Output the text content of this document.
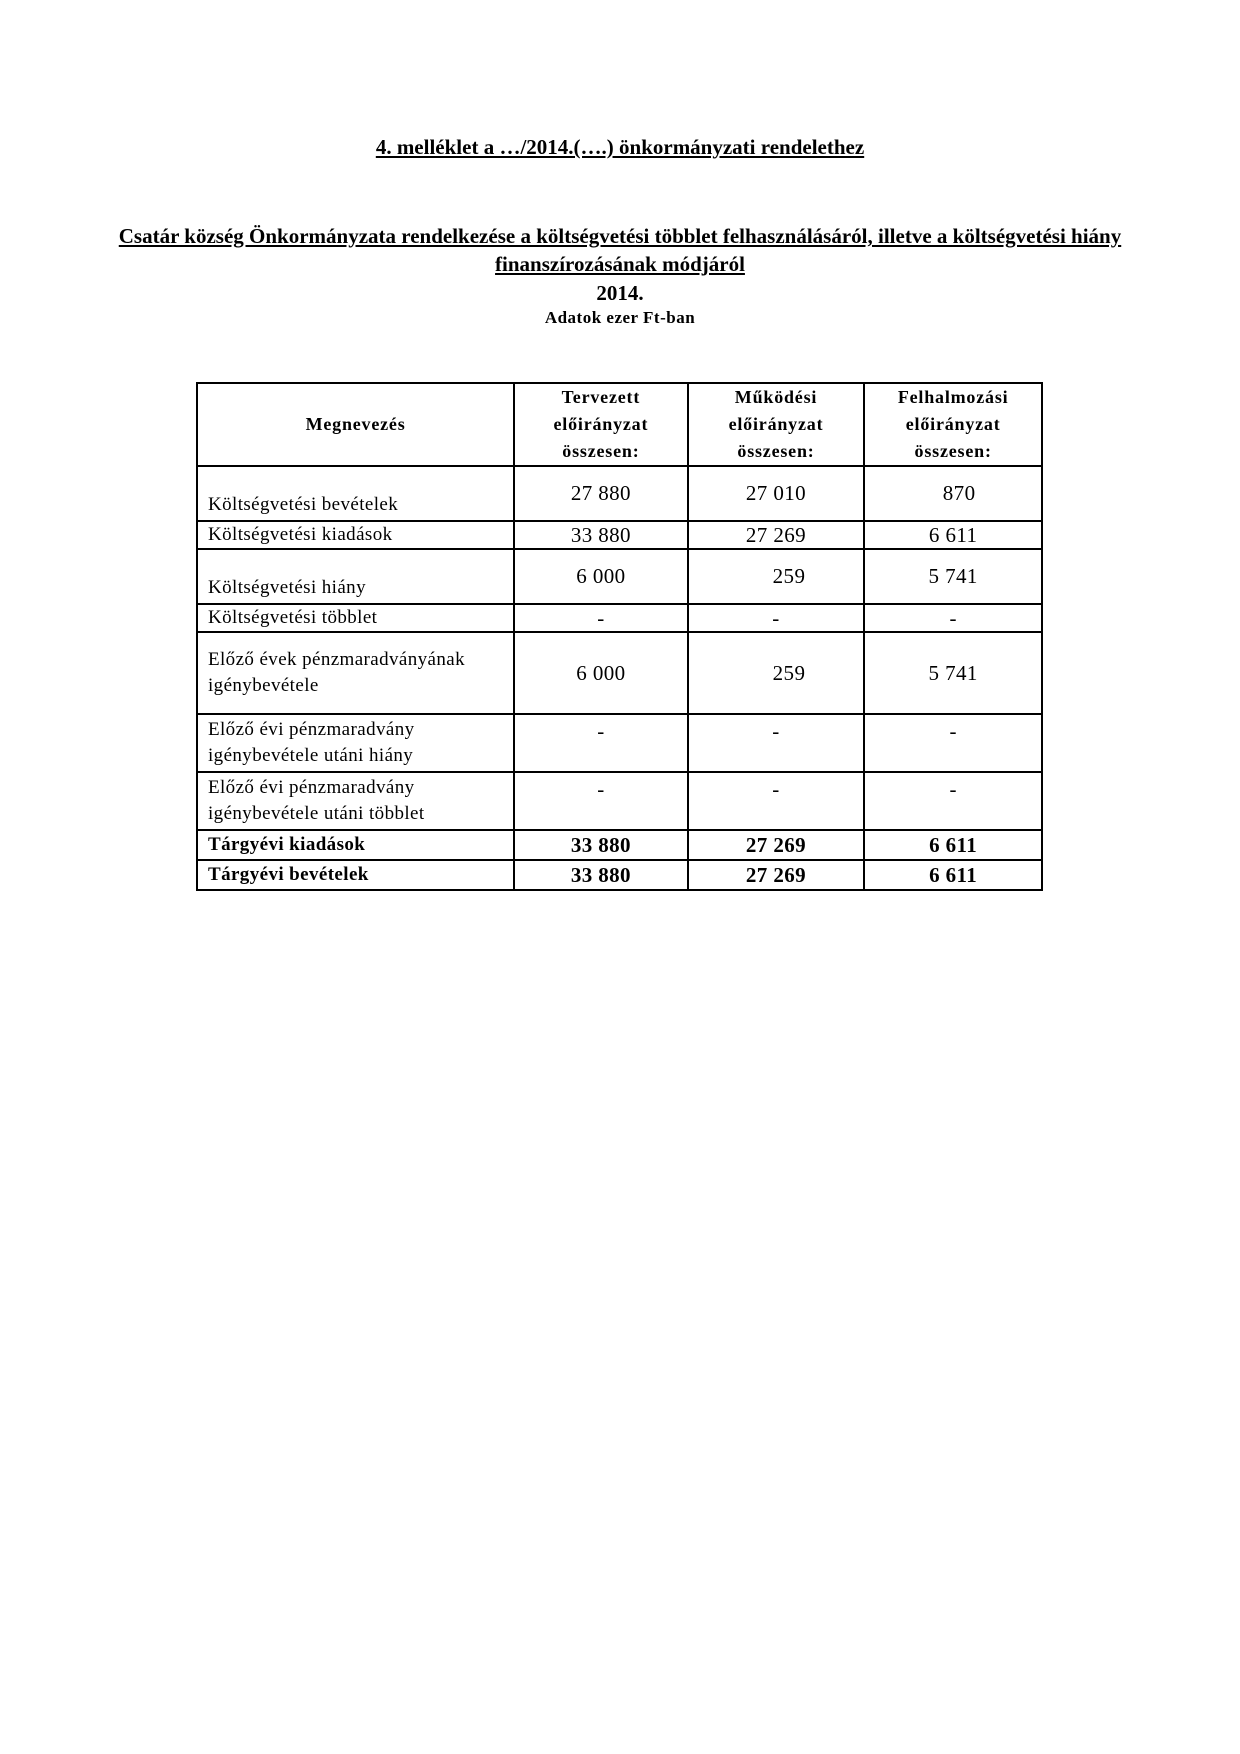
4. melléklet a …/2014.(….) önkormányzati rendelethez
Csatár község Önkormányzata rendelkezése a költségvetési többlet felhasználásáról, illetve a költségvetési hiány finanszírozásának módjáról
2014.
Adatok ezer Ft-ban
Megnevezés	Tervezett előirányzat összesen:	Működési előirányzat összesen:	Felhalmozási előirányzat összesen:
Költségvetési bevételek	27 880	27 010	870
Költségvetési kiadások	33 880	27 269	6 611
Költségvetési hiány	6 000	259	5 741
Költségvetési többlet	-	-	-
Előző évek pénzmaradványának igénybevétele	6 000	259	5 741
Előző évi pénzmaradvány igénybevétele utáni hiány	-	-	-
Előző évi pénzmaradvány igénybevétele utáni többlet	-	-	-
Tárgyévi kiadások	33 880	27 269	6 611
Tárgyévi bevételek	33 880	27 269	6 611
